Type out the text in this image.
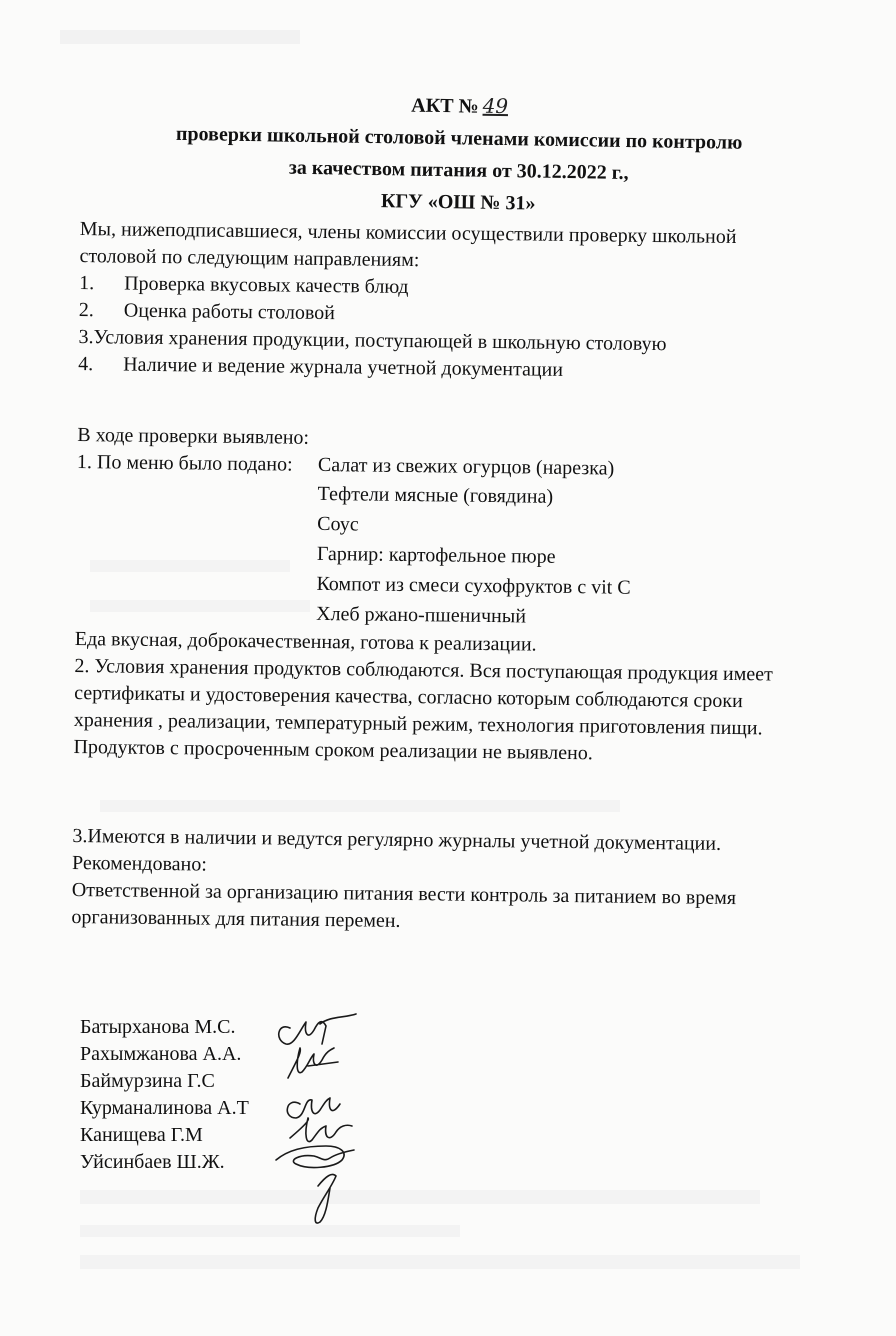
АКТ № 49
проверки школьной столовой членами комиссии по контролю
за качеством питания от 30.12.2022 г.,
КГУ «ОШ № 31»
Мы, нижеподписавшиеся, члены комиссии осуществили проверку школьной
столовой по следующим направлениям:
1.	Проверка вкусовых качеств блюд
2.	Оценка работы столовой
3.Условия хранения продукции, поступающей в школьную столовую
4.	Наличие и ведение журнала учетной документации
В ходе проверки выявлено:
1. По меню было подано:	Салат из свежих огурцов (нарезка)
Тефтели мясные (говядина)
Соус
Гарнир: картофельное пюре
Компот из смеси сухофруктов с vit C
Хлеб ржано-пшеничный
Еда вкусная, доброкачественная, готова к реализации.
2. Условия хранения продуктов соблюдаются. Вся поступающая продукция имеет
сертификаты и удостоверения качества, согласно которым соблюдаются сроки
хранения , реализации, температурный режим, технология приготовления пищи.
Продуктов с просроченным сроком реализации не выявлено.
3.Имеются в наличии и ведутся регулярно журналы учетной документации.
Рекомендовано:
Ответственной за организацию питания вести контроль за питанием во время
организованных для питания перемен.
Батырханова М.С.
Рахымжанова А.А.
Баймурзина Г.С
Курманалинова А.Т
Канищева Г.М
Уйсинбаев Ш.Ж.
